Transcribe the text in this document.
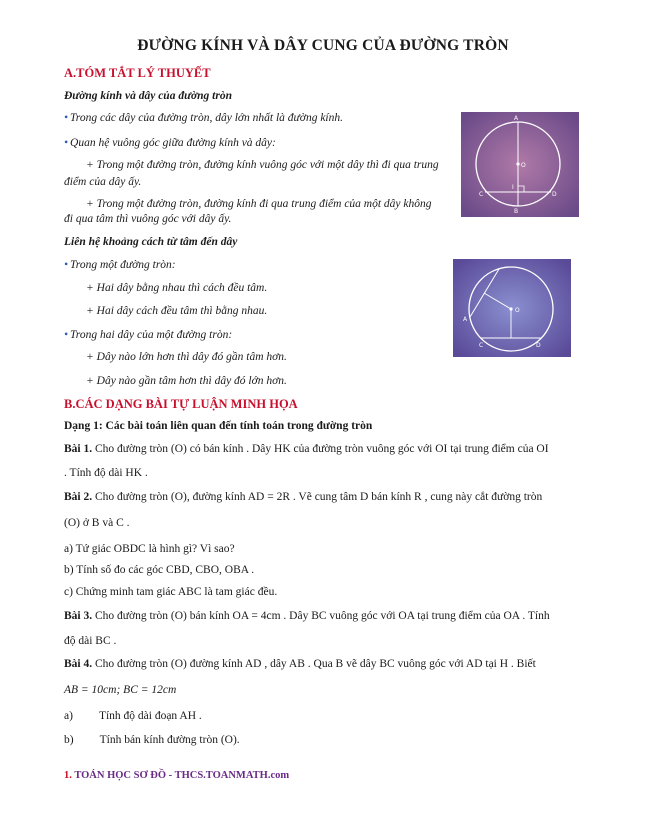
ĐƯỜNG KÍNH VÀ DÂY CUNG CỦA ĐƯỜNG TRÒN
A.TÓM TẮT LÝ THUYẾT
Đường kính và dây của đường tròn
• Trong các dây của đường tròn, dây lớn nhất là đường kính.
• Quan hệ vuông góc giữa đường kính và dây:
+ Trong một đường tròn, đường kính vuông góc với một dây thì đi qua trung
điểm của dây ấy.
+ Trong một đường tròn, đường kính đi qua trung điểm của một dây không
đi qua tâm thì vuông góc với dây ấy.
Liên hệ khoảng cách từ tâm đến dây
• Trong một đường tròn:
+ Hai dây bằng nhau thì cách đều tâm.
+ Hai dây cách đều tâm thì bằng nhau.
• Trong hai dây của một đường tròn:
+ Dây nào lớn hơn thì dây đó gần tâm hơn.
+ Dây nào gần tâm hơn thì dây đó lớn hơn.
B.CÁC DẠNG BÀI TỰ LUẬN MINH HỌA
Dạng 1: Các bài toán liên quan đến tính toán trong đường tròn
Bài 1. Cho đường tròn (O) có bán kính . Dây HK của đường tròn vuông góc với OI tại trung điểm của OI
. Tính độ dài HK .
Bài 2. Cho đường tròn (O), đường kính AD = 2R . Vẽ cung tâm D bán kính R , cung này cắt đường tròn
(O) ở B và C .
a) Tứ giác OBDC là hình gì? Vì sao?
b) Tính số đo các góc CBD, CBO, OBA .
c) Chứng minh tam giác ABC là tam giác đều.
Bài 3. Cho đường tròn (O) bán kính OA = 4cm . Dây BC vuông góc với OA tại trung điểm của OA . Tính
độ dài BC .
Bài 4. Cho đường tròn (O) đường kính AD , dây AB . Qua B vẽ dây BC vuông góc với AD tại H . Biết
AB = 10cm; BC = 12cm
a) Tính độ dài đoạn AH .
b) Tính bán kính đường tròn (O).
A
O
I
C	D
B
O
A
C	D
1. TOÁN HỌC SƠ ĐỒ - THCS.TOANMATH.com
